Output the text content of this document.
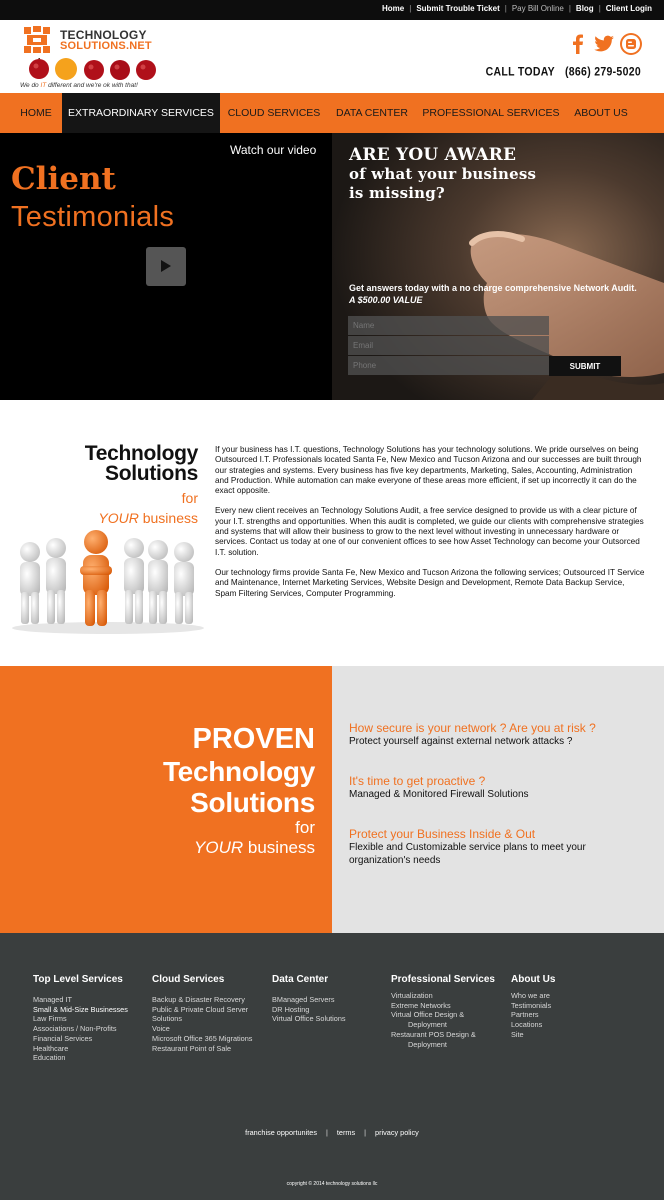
Home | Submit Trouble Ticket | Pay Bill Online | Blog | Client Login
TECHNOLOGY
SOLUTIONS.NET
We do IT different and we're ok with that!
CALL TODAY (866) 279-5020
HOME	EXTRAORDINARY SERVICES	CLOUD SERVICES	DATA CENTER	PROFESSIONAL SERVICES	ABOUT US
Watch our video
Client
Testimonials
ARE YOU AWARE
of what your business
is missing?
Get answers today with a no charge comprehensive Network Audit.
A $500.00 VALUE
Name
Email
Phone
SUBMIT
Technology
Solutions
for
YOUR business

If your business has I.T. questions, Technology Solutions has your technology solutions. We pride ourselves on being Outsourced I.T. Professionals located Santa Fe, New Mexico and Tucson Arizona and our successes are built through our strategies and systems. Every business has five key departments, Marketing, Sales, Accounting, Administration and Production. While automation can make everyone of these areas more efficient, if set up incorrectly it can do the exact opposite.

Every new client receives an Technology Solutions Audit, a free service designed to provide us with a clear picture of your I.T. strengths and opportunities. When this audit is completed, we guide our clients with comprehensive strategies and systems that will allow their business to grow to the next level without investing in unnecessary hardware or services. Contact us today at one of our convenient offices to see how Asset Technology can become your Outsorced I.T. solution.

Our technology firms provide Santa Fe, New Mexico and Tucson Arizona the following services; Outsourced IT Service and Maintenance, Internet Marketing Services, Website Design and Development, Remote Data Backup Service, Spam Filtering Services, Computer Programming.

PROVEN
Technology
Solutions
for
YOUR business
How secure is your network ? Are you at risk ?
Protect yourself against external network attacks ?
It's time to get proactive ?
Managed & Monitored Firewall Solutions
Protect your Business Inside & Out
Flexible and Customizable service plans to meet your organization's needs
Top Level Services
Managed IT
Small & Mid-Size Businesses
Law Firms
Associations / Non-Profits
Financial Services
Healthcare
Education
Cloud Services
Backup & Disaster Recovery
Public & Private Cloud Server
Solutions
Voice
Microsoft Office 365 Migrations
Restaurant Point of Sale
Data Center
BManaged Servers
DR Hosting
Virtual Office Solutions
Professional Services
Virtualization
Extreme Networks
Virtual Office Design &
Deployment
Restaurant POS Design &
Deployment
About Us
Who we are
Testimonials
Partners
Locations
Site
franchise opportunites | terms | privacy policy
copyright © 2014 technology solutions llc
